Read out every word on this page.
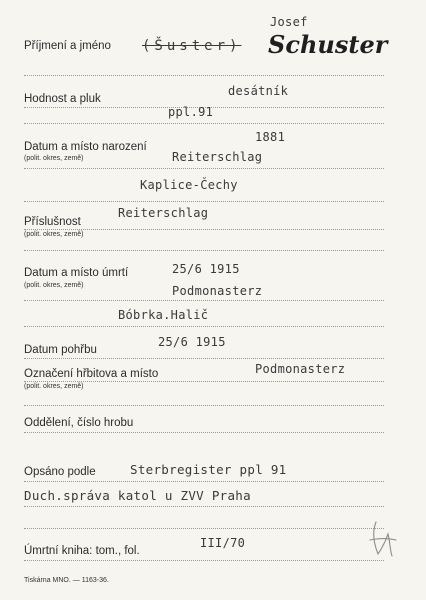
Příjmení a jméno
Josef
(Šuster) Schuster
desátník
Hodnost a pluk
ppl.91
1881
Datum a místo narození
(polit. okres, země)	Reiterschlag
Kaplice-Čechy
Reiterschlag
Příslušnost
(polit. okres, země)
25/6 1915
Datum a místo úmrtí
(polit. okres, země)	Podmonasterz
Bóbrka.Halič
25/6 1915
Datum pohřbu
Podmonasterz
Označení hřbitova a místo
(polit. okres, země)
Oddělení, číslo hrobu
Sterbregister ppl 91
Opsáno podle
Duch.správa katol u ZVV Praha
III/70
Úmrtní kniha: tom., fol.
Tiskárna MNO. — 1163-36.
